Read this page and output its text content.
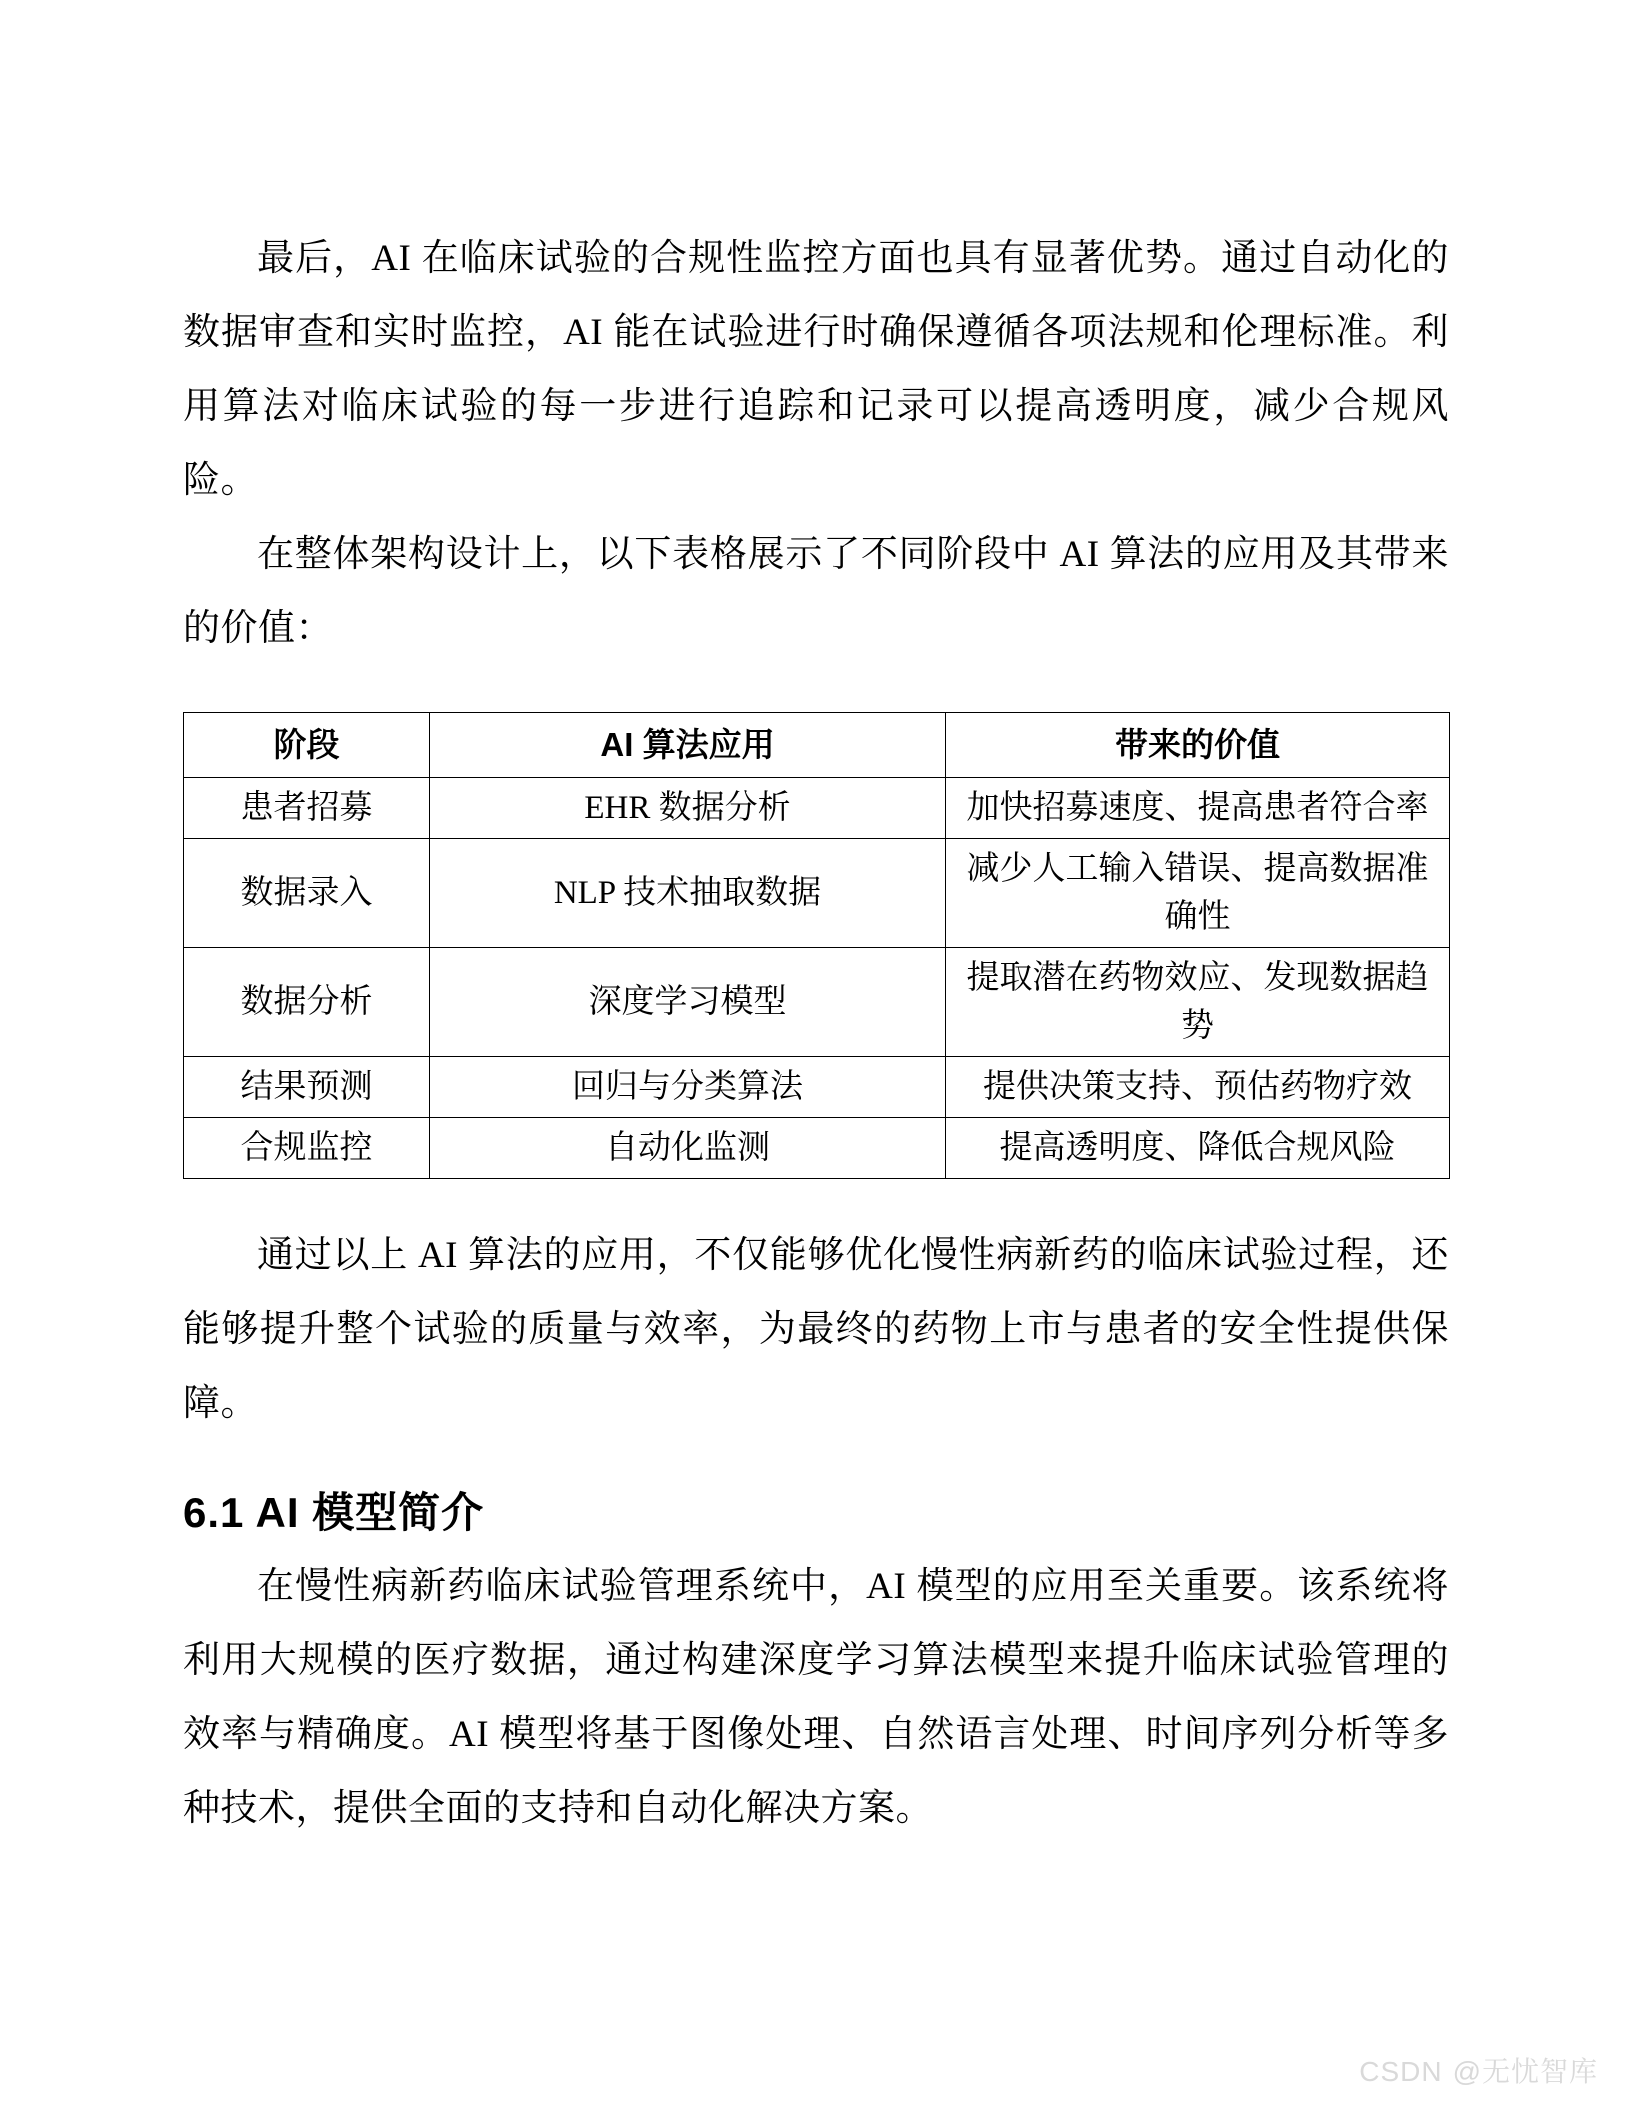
最后，AI 在临床试验的合规性监控方面也具有显著优势。通过自动化的数据审查和实时监控，AI 能在试验进行时确保遵循各项法规和伦理标准。利用算法对临床试验的每一步进行追踪和记录可以提高透明度，减少合规风险。

在整体架构设计上，以下表格展示了不同阶段中 AI 算法的应用及其带来的价值：

阶段	AI 算法应用	带来的价值
患者招募	EHR 数据分析	加快招募速度、提高患者符合率
数据录入	NLP 技术抽取数据	减少人工输入错误、提高数据准确性
数据分析	深度学习模型	提取潜在药物效应、发现数据趋势
结果预测	回归与分类算法	提供决策支持、预估药物疗效
合规监控	自动化监测	提高透明度、降低合规风险

通过以上 AI 算法的应用，不仅能够优化慢性病新药的临床试验过程，还能够提升整个试验的质量与效率，为最终的药物上市与患者的安全性提供保障。

6.1 AI 模型简介

在慢性病新药临床试验管理系统中，AI 模型的应用至关重要。该系统将利用大规模的医疗数据，通过构建深度学习算法模型来提升临床试验管理的效率与精确度。AI 模型将基于图像处理、自然语言处理、时间序列分析等多种技术，提供全面的支持和自动化解决方案。

CSDN @无忧智库
